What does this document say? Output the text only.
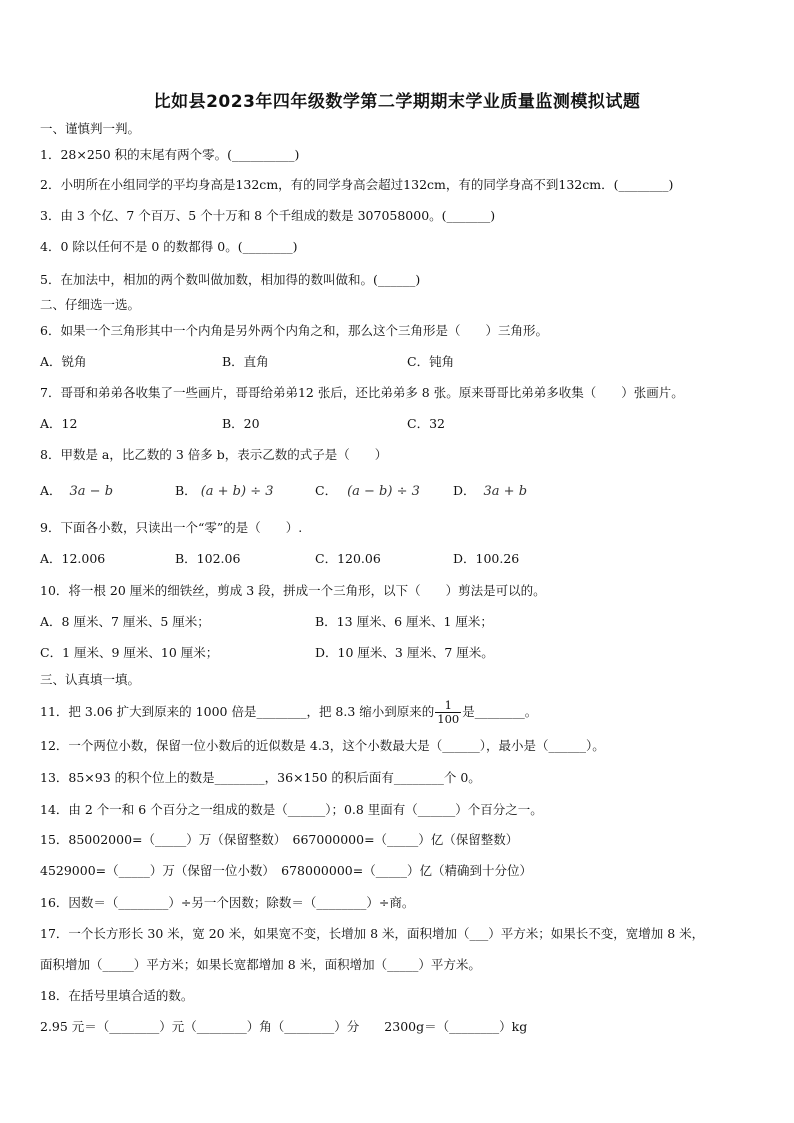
比如县2023年四年级数学第二学期期末学业质量监测模拟试题
一、谨慎判一判。
1．28×250 积的末尾有两个零。(__________)
2．小明所在小组同学的平均身高是132cm，有的同学身高会超过132cm，有的同学身高不到132cm．(________)
3．由 3 个亿、7 个百万、5 个十万和 8 个千组成的数是 307058000。(_______)
4．0 除以任何不是 0 的数都得 0。(________)
5．在加法中，相加的两个数叫做加数，相加得的数叫做和。(______)
二、仔细选一选。
6．如果一个三角形其中一个内角是另外两个内角之和，那么这个三角形是（　　）三角形。
A．锐角	B．直角	C．钝角
7．哥哥和弟弟各收集了一些画片，哥哥给弟弟12 张后，还比弟弟多 8 张。原来哥哥比弟弟多收集（　　）张画片。
A．12	B．20	C．32
8．甲数是 a，比乙数的 3 倍多 b，表示乙数的式子是（　　）
A． 3a − b	B． (a + b) ÷ 3	C． (a − b) ÷ 3	D． 3a + b
9．下面各小数，只读出一个“零”的是（　　）.
A．12.006	B．102.06	C．120.06	D．100.26
10．将一根 20 厘米的细铁丝，剪成 3 段，拼成一个三角形，以下（　　）剪法是可以的。
A．8 厘米、7 厘米、5 厘米；	B．13 厘米、6 厘米、1 厘米；
C．1 厘米、9 厘米、10 厘米；	D．10 厘米、3 厘米、7 厘米。
三、认真填一填。
11．把 3.06 扩大到原来的 1000 倍是________，把 8.3 缩小到原来的 $\frac{1}{100}$ 是________。
12．一个两位小数，保留一位小数后的近似数是 4.3，这个小数最大是（______），最小是（______）。
13．85×93 的积个位上的数是________，36×150 的积后面有________个 0。
14．由 2 个一和 6 个百分之一组成的数是（______）；0.8 里面有（______）个百分之一。
15．85002000=（_____）万（保留整数）　667000000=（_____）亿（保留整数）
4529000=（_____）万（保留一位小数）　678000000=（_____）亿（精确到十分位）
16．因数＝（________）÷另一个因数；除数＝（________）÷商。
17．一个长方形长 30 米，宽 20 米，如果宽不变，长增加 8 米，面积增加（___）平方米；如果长不变，宽增加 8 米，
面积增加（_____）平方米；如果长宽都增加 8 米，面积增加（_____）平方米。
18．在括号里填合适的数。
2.95 元＝（________）元（________）角（________）分　　2300g＝（________）kg
